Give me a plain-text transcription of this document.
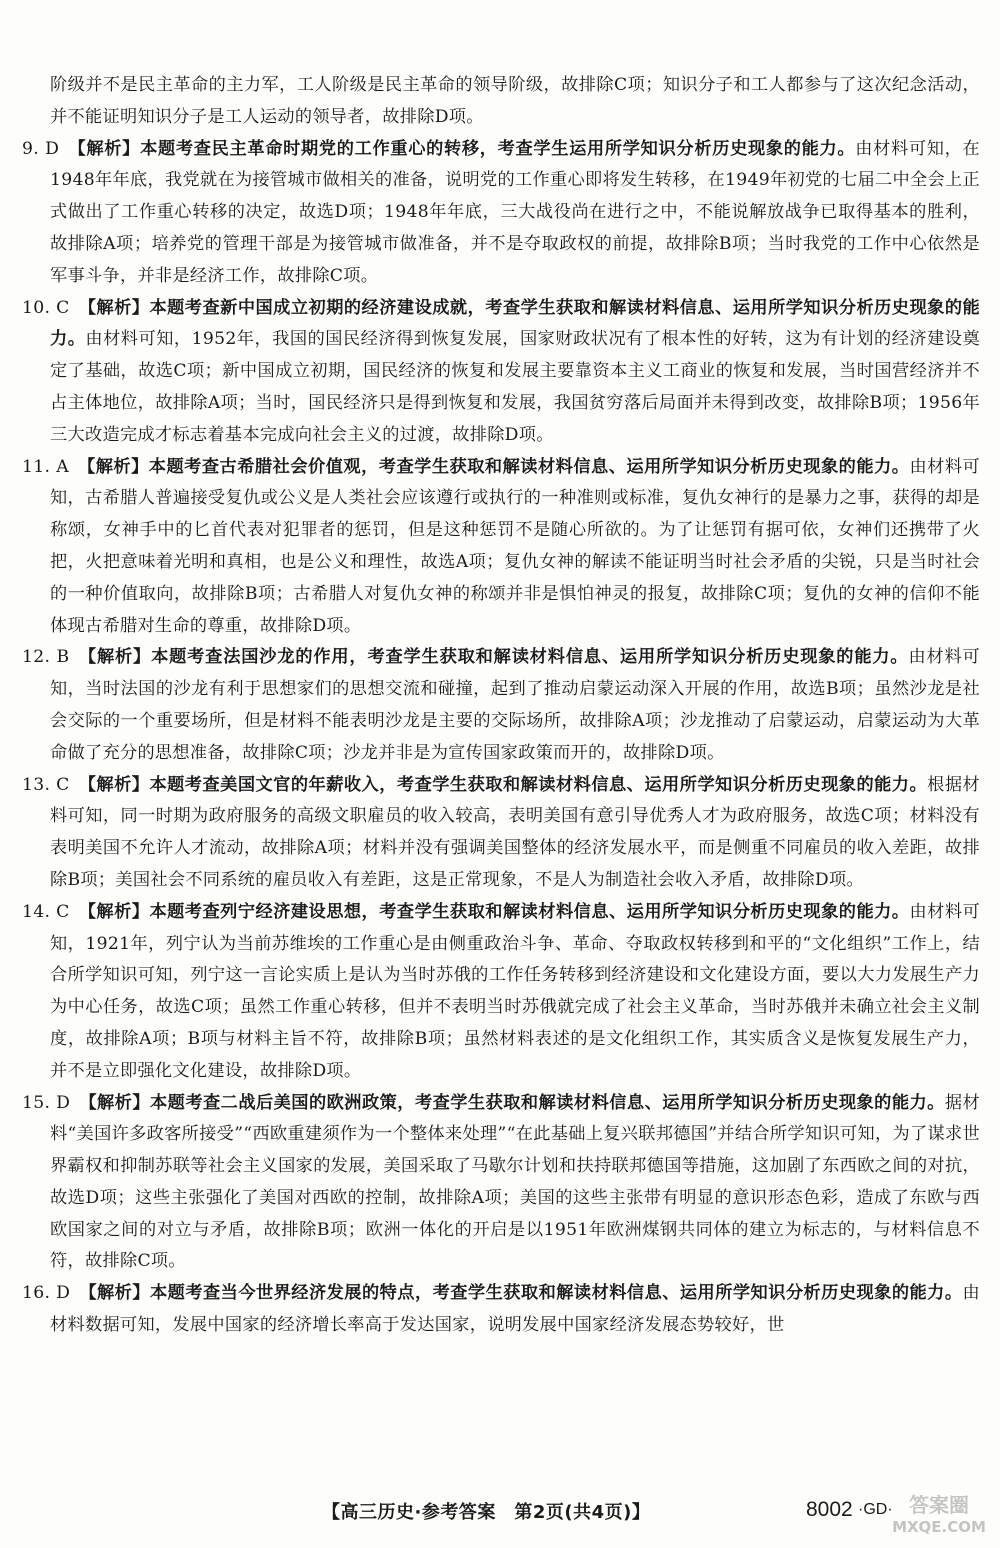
阶级并不是民主革命的主力军，工人阶级是民主革命的领导阶级，故排除C项；知识分子和工人都参与了这次纪念活动，并不能证明知识分子是工人运动的领导者，故排除D项。

9. D  【解析】本题考查民主革命时期党的工作重心的转移，考查学生运用所学知识分析历史现象的能力。由材料可知，在1948年年底，我党就在为接管城市做相关的准备，说明党的工作重心即将发生转移，在1949年初党的七届二中全会上正式做出了工作重心转移的决定，故选D项；1948年年底，三大战役尚在进行之中，不能说解放战争已取得基本的胜利，故排除A项；培养党的管理干部是为接管城市做准备，并不是夺取政权的前提，故排除B项；当时我党的工作中心依然是军事斗争，并非是经济工作，故排除C项。

10. C  【解析】本题考查新中国成立初期的经济建设成就，考查学生获取和解读材料信息、运用所学知识分析历史现象的能力。由材料可知，1952年，我国的国民经济得到恢复发展，国家财政状况有了根本性的好转，这为有计划的经济建设奠定了基础，故选C项；新中国成立初期，国民经济的恢复和发展主要靠资本主义工商业的恢复和发展，当时国营经济并不占主体地位，故排除A项；当时，国民经济只是得到恢复和发展，我国贫穷落后局面并未得到改变，故排除B项；1956年三大改造完成才标志着基本完成向社会主义的过渡，故排除D项。

11. A  【解析】本题考查古希腊社会价值观，考查学生获取和解读材料信息、运用所学知识分析历史现象的能力。由材料可知，古希腊人普遍接受复仇或公义是人类社会应该遵行或执行的一种准则或标准，复仇女神行的是暴力之事，获得的却是称颂，女神手中的匕首代表对犯罪者的惩罚，但是这种惩罚不是随心所欲的。为了让惩罚有据可依，女神们还携带了火把，火把意味着光明和真相，也是公义和理性，故选A项；复仇女神的解读不能证明当时社会矛盾的尖锐，只是当时社会的一种价值取向，故排除B项；古希腊人对复仇女神的称颂并非是惧怕神灵的报复，故排除C项；复仇的女神的信仰不能体现古希腊对生命的尊重，故排除D项。

12. B  【解析】本题考查法国沙龙的作用，考查学生获取和解读材料信息、运用所学知识分析历史现象的能力。由材料可知，当时法国的沙龙有利于思想家们的思想交流和碰撞，起到了推动启蒙运动深入开展的作用，故选B项；虽然沙龙是社会交际的一个重要场所，但是材料不能表明沙龙是主要的交际场所，故排除A项；沙龙推动了启蒙运动，启蒙运动为大革命做了充分的思想准备，故排除C项；沙龙并非是为宣传国家政策而开的，故排除D项。

13. C  【解析】本题考查美国文官的年薪收入，考查学生获取和解读材料信息、运用所学知识分析历史现象的能力。根据材料可知，同一时期为政府服务的高级文职雇员的收入较高，表明美国有意引导优秀人才为政府服务，故选C项；材料没有表明美国不允许人才流动，故排除A项；材料并没有强调美国整体的经济发展水平，而是侧重不同雇员的收入差距，故排除B项；美国社会不同系统的雇员收入有差距，这是正常现象，不是人为制造社会收入矛盾，故排除D项。

14. C  【解析】本题考查列宁经济建设思想，考查学生获取和解读材料信息、运用所学知识分析历史现象的能力。由材料可知，1921年，列宁认为当前苏维埃的工作重心是由侧重政治斗争、革命、夺取政权转移到和平的“文化组织”工作上，结合所学知识可知，列宁这一言论实质上是认为当时苏俄的工作任务转移到经济建设和文化建设方面，要以大力发展生产力为中心任务，故选C项；虽然工作重心转移，但并不表明当时苏俄就完成了社会主义革命，当时苏俄并未确立社会主义制度，故排除A项；B项与材料主旨不符，故排除B项；虽然材料表述的是文化组织工作，其实质含义是恢复发展生产力，并不是立即强化文化建设，故排除D项。

15. D  【解析】本题考查二战后美国的欧洲政策，考查学生获取和解读材料信息、运用所学知识分析历史现象的能力。据材料“美国许多政客所接受”“西欧重建须作为一个整体来处理”“在此基础上复兴联邦德国”并结合所学知识可知，为了谋求世界霸权和抑制苏联等社会主义国家的发展，美国采取了马歇尔计划和扶持联邦德国等措施，这加剧了东西欧之间的对抗，故选D项；这些主张强化了美国对西欧的控制，故排除A项；美国的这些主张带有明显的意识形态色彩，造成了东欧与西欧国家之间的对立与矛盾，故排除B项；欧洲一体化的开启是以1951年欧洲煤钢共同体的建立为标志的，与材料信息不符，故排除C项。

16. D  【解析】本题考查当今世界经济发展的特点，考查学生获取和解读材料信息、运用所学知识分析历史现象的能力。由材料数据可知，发展中国家的经济增长率高于发达国家，说明发展中国家经济发展态势较好，世

【高三历史·参考答案　第2页(共4页)】	8002 ·GD· 答案圈
MXQE.COM
